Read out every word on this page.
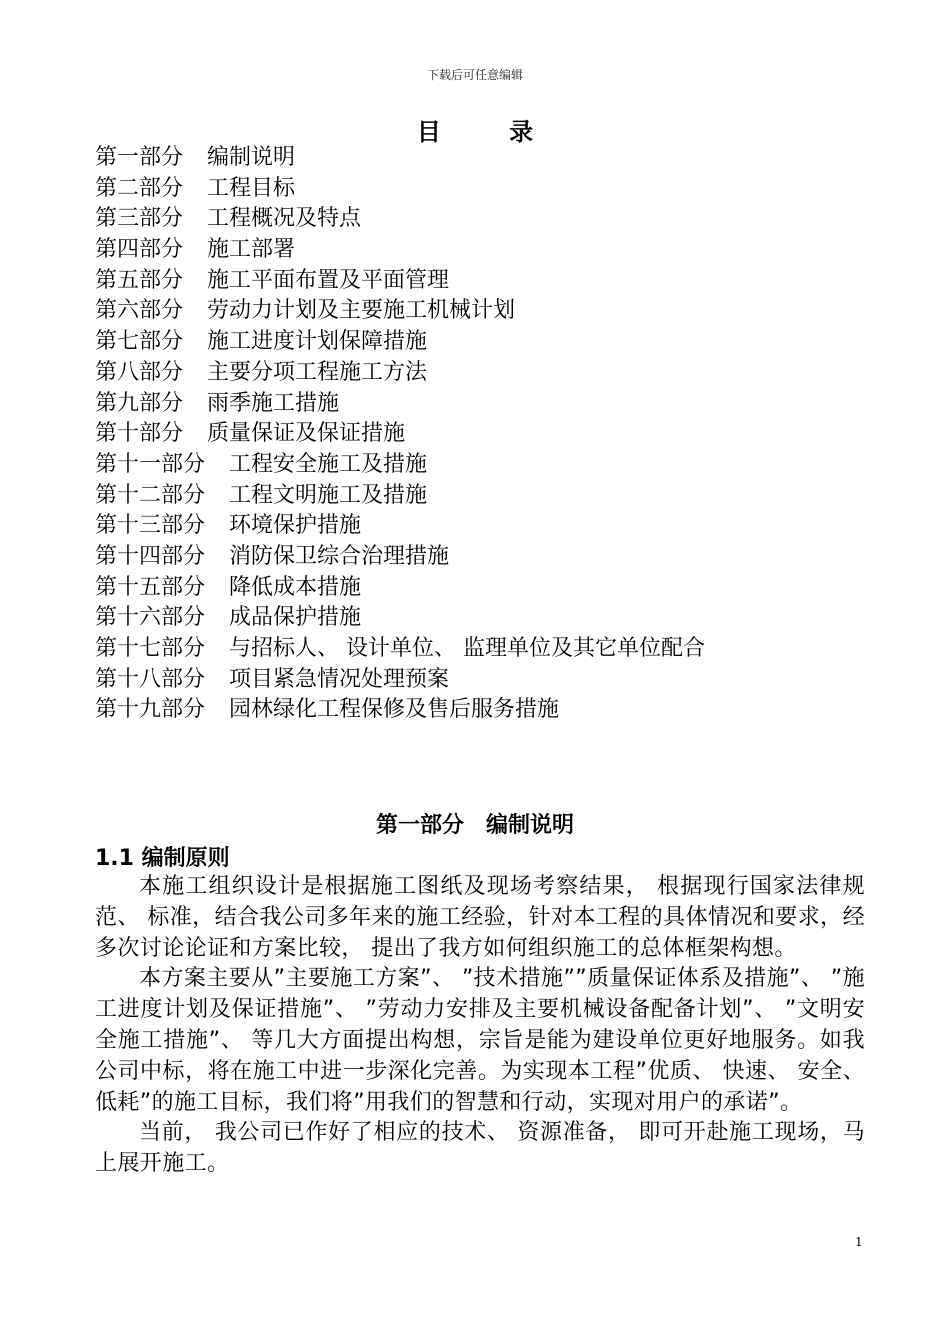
下载后可任意编辑
目 录
第一部分 编制说明
第二部分 工程目标
第三部分 工程概况及特点
第四部分 施工部署
第五部分 施工平面布置及平面管理
第六部分 劳动力计划及主要施工机械计划
第七部分 施工进度计划保障措施
第八部分 主要分项工程施工方法
第九部分 雨季施工措施
第十部分 质量保证及保证措施
第十一部分 工程安全施工及措施
第十二部分 工程文明施工及措施
第十三部分 环境保护措施
第十四部分 消防保卫综合治理措施
第十五部分 降低成本措施
第十六部分 成品保护措施
第十七部分 与招标人、 设计单位、 监理单位及其它单位配合
第十八部分 项目紧急情况处理预案
第十九部分 园林绿化工程保修及售后服务措施
第一部分　编制说明
1.1 编制原则

本施工组织设计是根据施工图纸及现场考察结果， 根据现行国家法律规范、 标准，结合我公司多年来的施工经验，针对本工程的具体情况和要求，经多次讨论论证和方案比较， 提出了我方如何组织施工的总体框架构想。

本方案主要从”主要施工方案”、 ”技术措施””质量保证体系及措施”、 ”施工进度计划及保证措施”、 ”劳动力安排及主要机械设备配备计划”、 ”文明安全施工措施”、 等几大方面提出构想，宗旨是能为建设单位更好地服务。如我公司中标，将在施工中进一步深化完善。为实现本工程”优质、 快速、 安全、 低耗”的施工目标，我们将”用我们的智慧和行动，实现对用户的承诺”。

当前， 我公司已作好了相应的技术、 资源准备， 即可开赴施工现场，马上展开施工。

1
